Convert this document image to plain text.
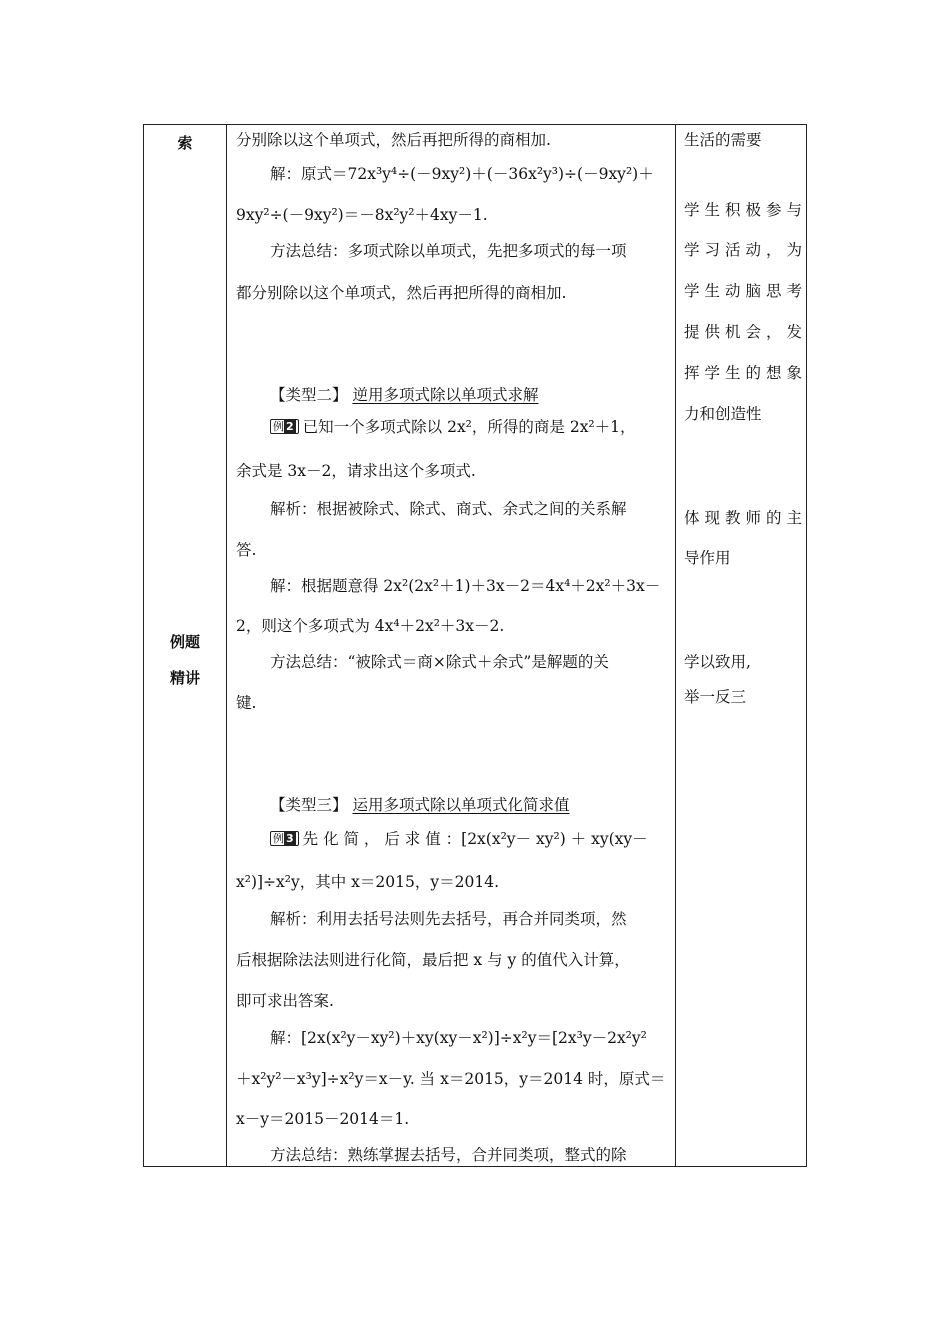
索
例题
精讲
分别除以这个单项式，然后再把所得的商相加.
解：原式＝72x³y⁴÷(－9xy²)＋(－36x²y³)÷(－9xy²)＋
9xy²÷(－9xy²)＝－8x²y²＋4xy－1.
方法总结：多项式除以单项式，先把多项式的每一项
都分别除以这个单项式，然后再把所得的商相加.
【类型二】 逆用多项式除以单项式求解
例 2 已知一个多项式除以 2x²，所得的商是 2x²＋1，
余式是 3x－2，请求出这个多项式.
解析：根据被除式、除式、商式、余式之间的关系解
答.
解：根据题意得 2x²(2x²＋1)＋3x－2＝4x⁴＋2x²＋3x－
2，则这个多项式为 4x⁴＋2x²＋3x－2.
方法总结：“被除式＝商×除式＋余式”是解题的关
键.
【类型三】 运用多项式除以单项式化简求值
例 3 先 化 简 ， 后 求 值 ：[2x(x²y－ xy²) ＋ xy(xy－
x²)]÷x²y，其中 x＝2015，y＝2014.
解析：利用去括号法则先去括号，再合并同类项，然
后根据除法法则进行化简，最后把 x 与 y 的值代入计算，
即可求出答案.
解：[2x(x²y－xy²)＋xy(xy－x²)]÷x²y＝[2x³y－2x²y²
＋x²y²－x³y]÷x²y＝x－y. 当 x＝2015，y＝2014 时，原式＝
x－y＝2015－2014＝1.
方法总结：熟练掌握去括号，合并同类项，整式的除
生活的需要
学生积极参与
学习活动，为
学生动脑思考
提供机会，发
挥学生的想象
力和创造性
体现教师的主
导作用
学以致用,
举一反三
